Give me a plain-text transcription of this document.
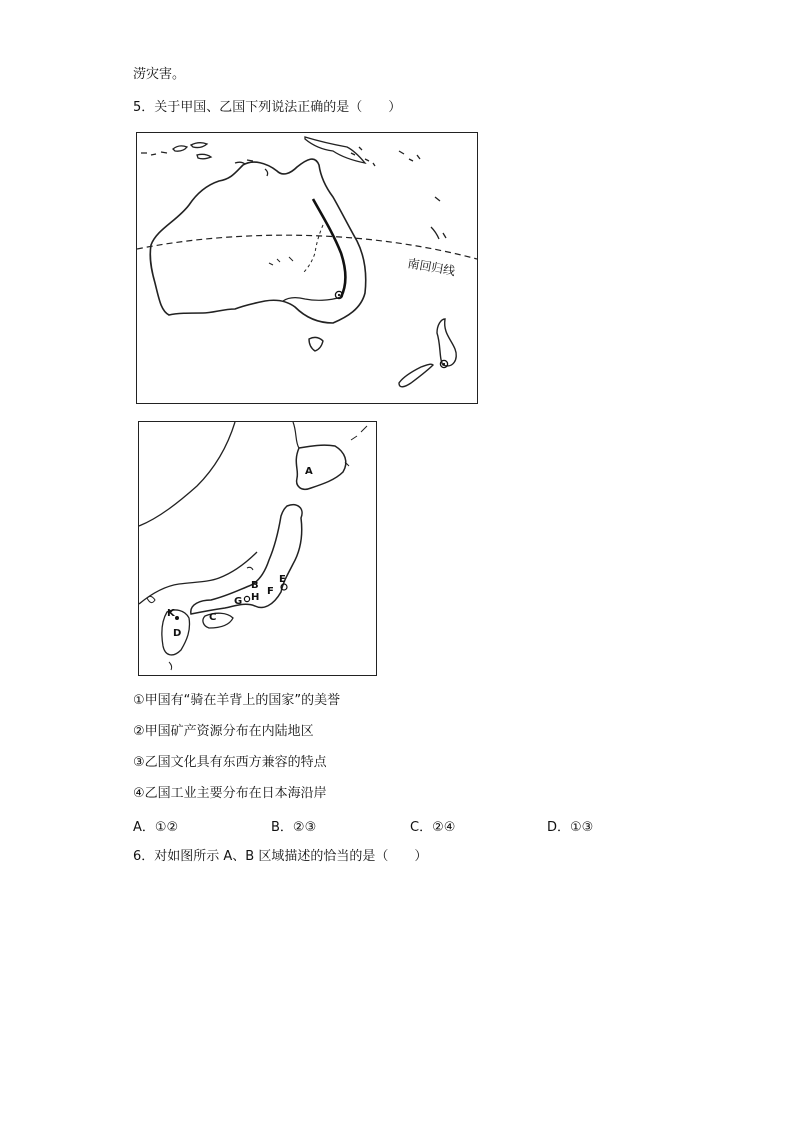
涝灾害。
5．关于甲国、乙国下列说法正确的是（　　）
南回归线
A
B
H
G
E
F
K	C
D
①甲国有“骑在羊背上的国家”的美誉
②甲国矿产资源分布在内陆地区
③乙国文化具有东西方兼容的特点
④乙国工业主要分布在日本海沿岸
A．①②	B．②③	C．②④	D．①③
6．对如图所示 A、B 区域描述的恰当的是（　　）
